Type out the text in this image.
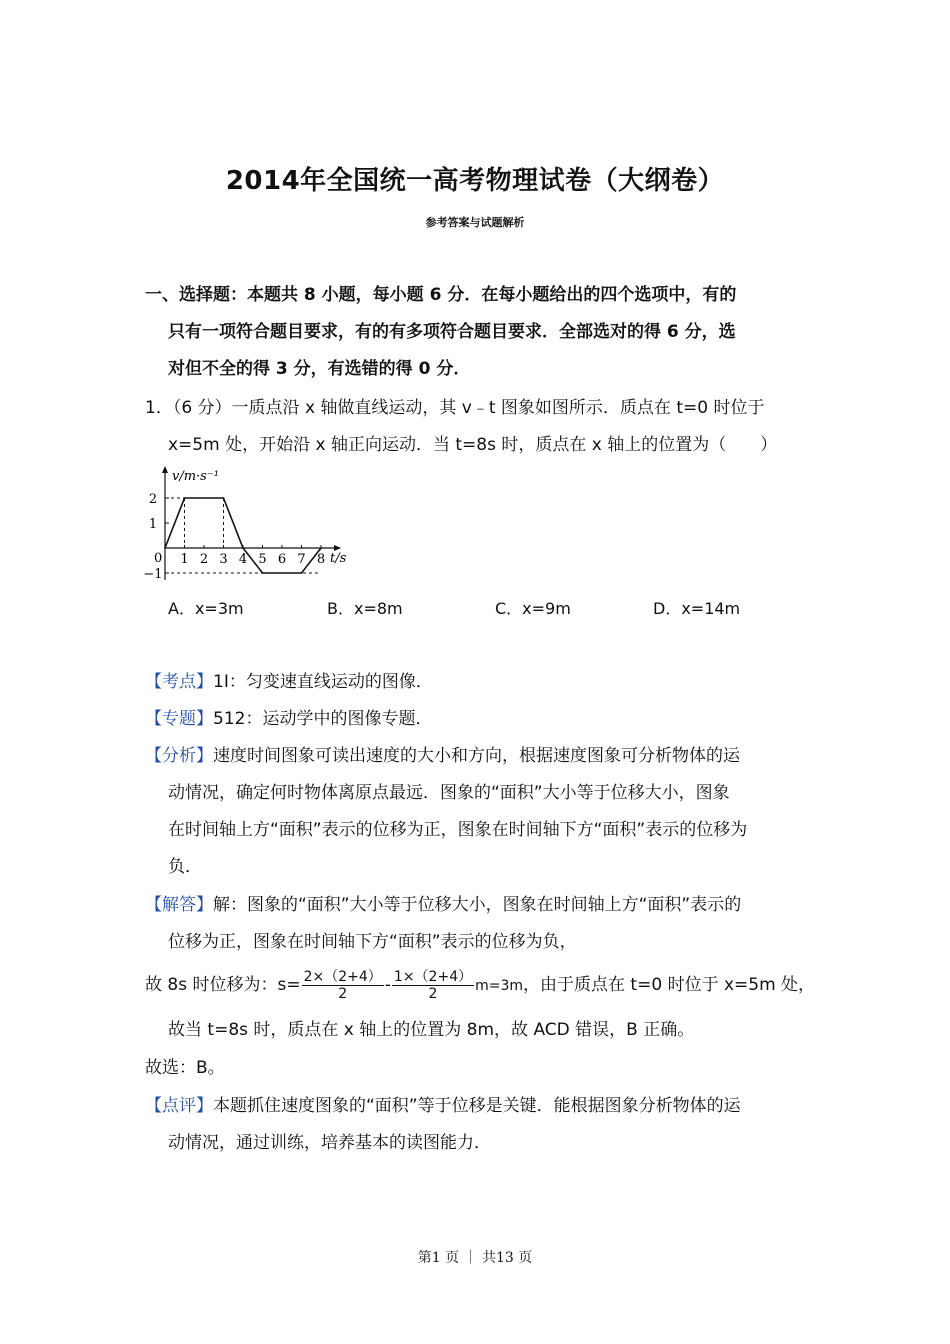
2014年全国统一高考物理试卷（大纲卷）
参考答案与试题解析
一、选择题：本题共 8 小题，每小题 6 分．在每小题给出的四个选项中，有的
只有一项符合题目要求，有的有多项符合题目要求．全部选对的得 6 分，选
对但不全的得 3 分，有选错的得 0 分．
1．（6 分）一质点沿 x 轴做直线运动，其 v﹣t 图象如图所示．质点在 t=0 时位于
x=5m 处，开始沿 x 轴正向运动．当 t=8s 时，质点在 x 轴上的位置为（　　）
v/m·s⁻¹
t/s
0
2
1
−1
1 2 3 4 5 6 7 8
A．x=3m	B．x=8m	C．x=9m	D．x=14m
【考点】1I：匀变速直线运动的图像．
【专题】512：运动学中的图像专题．
【分析】速度时间图象可读出速度的大小和方向，根据速度图象可分析物体的运
动情况，确定何时物体离原点最远．图象的“面积”大小等于位移大小，图象
在时间轴上方“面积”表示的位移为正，图象在时间轴下方“面积”表示的位移为
负．
【解答】解：图象的“面积”大小等于位移大小，图象在时间轴上方“面积”表示的
位移为正，图象在时间轴下方“面积”表示的位移为负，
故 8s 时位移为：$s= \frac{2\times(2+4)}{2} - \frac{1\times(2+4)}{2} m=3m$，由于质点在 t=0 时位于 x=5m 处，
故当 t=8s 时，质点在 x 轴上的位置为 8m，故 ACD 错误，B 正确。
故选：B。
【点评】本题抓住速度图象的“面积”等于位移是关键．能根据图象分析物体的运
动情况，通过训练，培养基本的读图能力．
第1 页 ｜ 共13 页
